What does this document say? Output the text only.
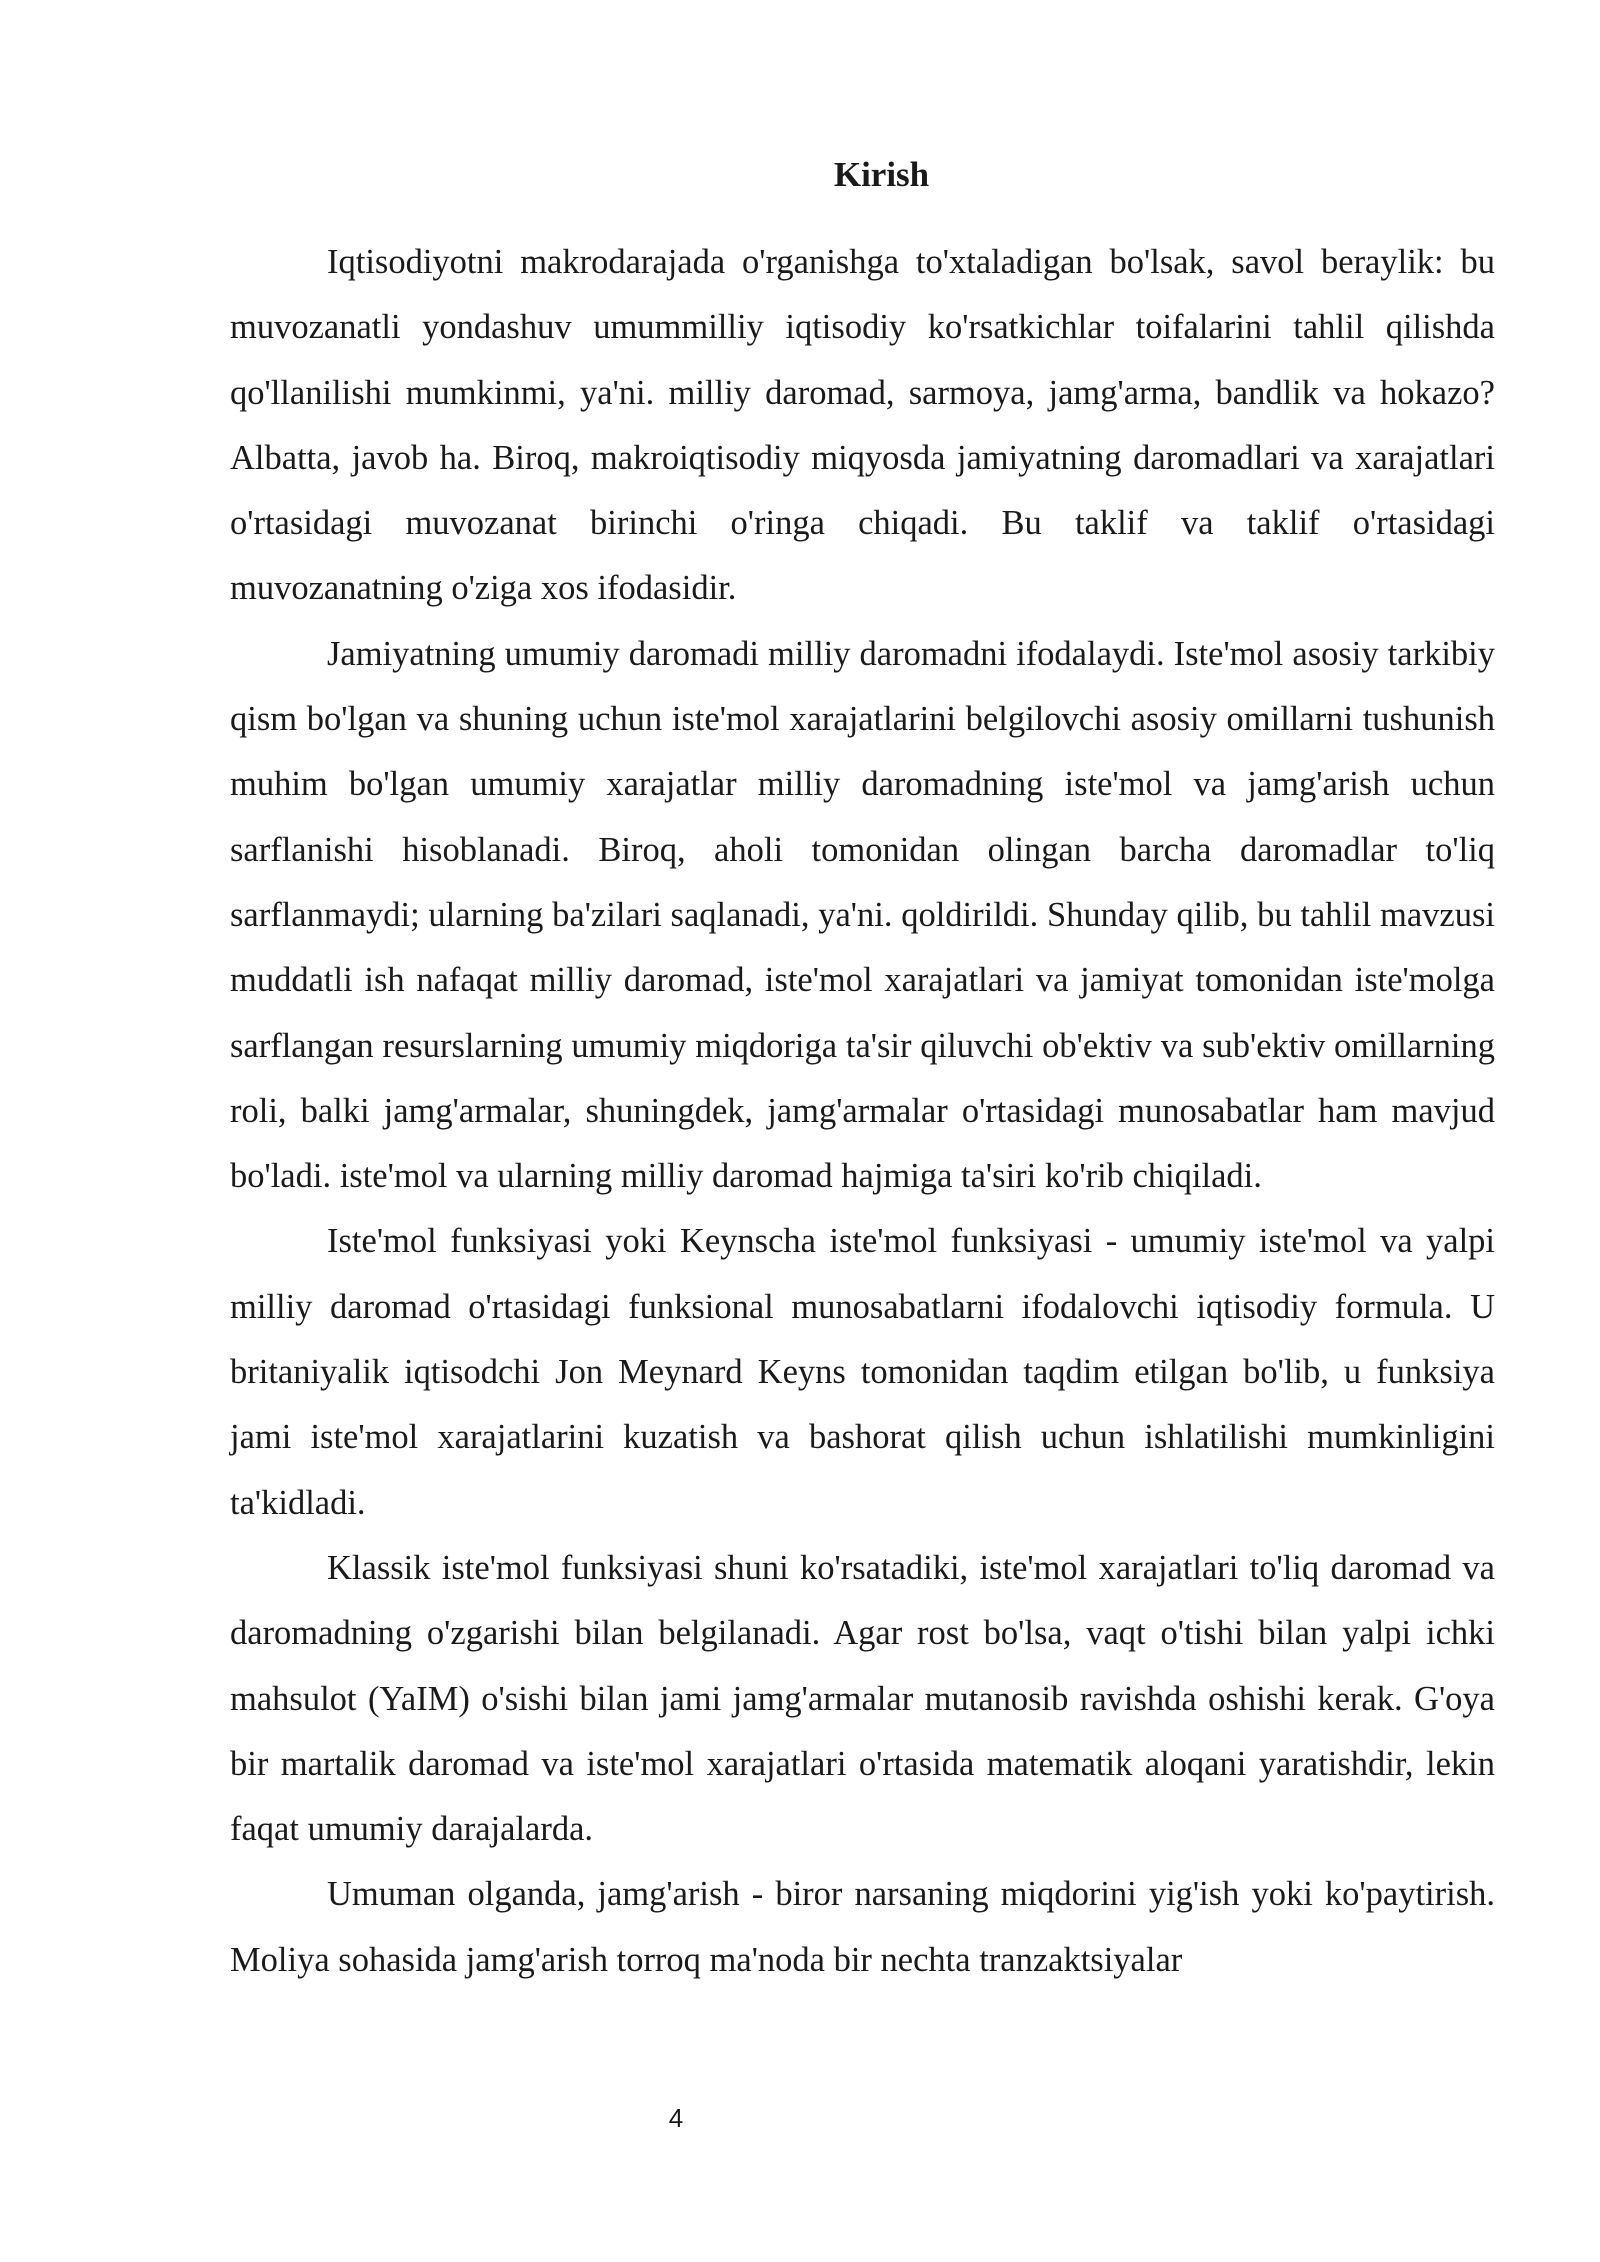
Kirish

Iqtisodiyotni makrodarajada o'rganishga to'xtaladigan bo'lsak, savol beraylik: bu muvozanatli yondashuv umummilliy iqtisodiy ko'rsatkichlar toifalarini tahlil qilishda qo'llanilishi mumkinmi, ya'ni. milliy daromad, sarmoya, jamg'arma, bandlik va hokazo? Albatta, javob ha. Biroq, makroiqtisodiy miqyosda jamiyatning daromadlari va xarajatlari o'rtasidagi muvozanat birinchi o'ringa chiqadi. Bu taklif va taklif o'rtasidagi muvozanatning o'ziga xos ifodasidir.

Jamiyatning umumiy daromadi milliy daromadni ifodalaydi. Iste'mol asosiy tarkibiy qism bo'lgan va shuning uchun iste'mol xarajatlarini belgilovchi asosiy omillarni tushunish muhim bo'lgan umumiy xarajatlar milliy daromadning iste'mol va jamg'arish uchun sarflanishi hisoblanadi. Biroq, aholi tomonidan olingan barcha daromadlar to'liq sarflanmaydi; ularning ba'zilari saqlanadi, ya'ni. qoldirildi. Shunday qilib, bu tahlil mavzusi muddatli ish nafaqat milliy daromad, iste'mol xarajatlari va jamiyat tomonidan iste'molga sarflangan resurslarning umumiy miqdoriga ta'sir qiluvchi ob'ektiv va sub'ektiv omillarning roli, balki jamg'armalar, shuningdek, jamg'armalar o'rtasidagi munosabatlar ham mavjud bo'ladi. iste'mol va ularning milliy daromad hajmiga ta'siri ko'rib chiqiladi.

Iste'mol funksiyasi yoki Keynscha iste'mol funksiyasi - umumiy iste'mol va yalpi milliy daromad o'rtasidagi funksional munosabatlarni ifodalovchi iqtisodiy formula. U britaniyalik iqtisodchi Jon Meynard Keyns tomonidan taqdim etilgan bo'lib, u funksiya jami iste'mol xarajatlarini kuzatish va bashorat qilish uchun ishlatilishi mumkinligini ta'kidladi.

Klassik iste'mol funksiyasi shuni ko'rsatadiki, iste'mol xarajatlari to'liq daromad va daromadning o'zgarishi bilan belgilanadi. Agar rost bo'lsa, vaqt o'tishi bilan yalpi ichki mahsulot (YaIM) o'sishi bilan jami jamg'armalar mutanosib ravishda oshishi kerak. G'oya bir martalik daromad va iste'mol xarajatlari o'rtasida matematik aloqani yaratishdir, lekin faqat umumiy darajalarda.

Umuman olganda, jamg'arish - biror narsaning miqdorini yig'ish yoki ko'paytirish. Moliya sohasida jamg'arish torroq ma'noda bir nechta tranzaktsiyalar

4
